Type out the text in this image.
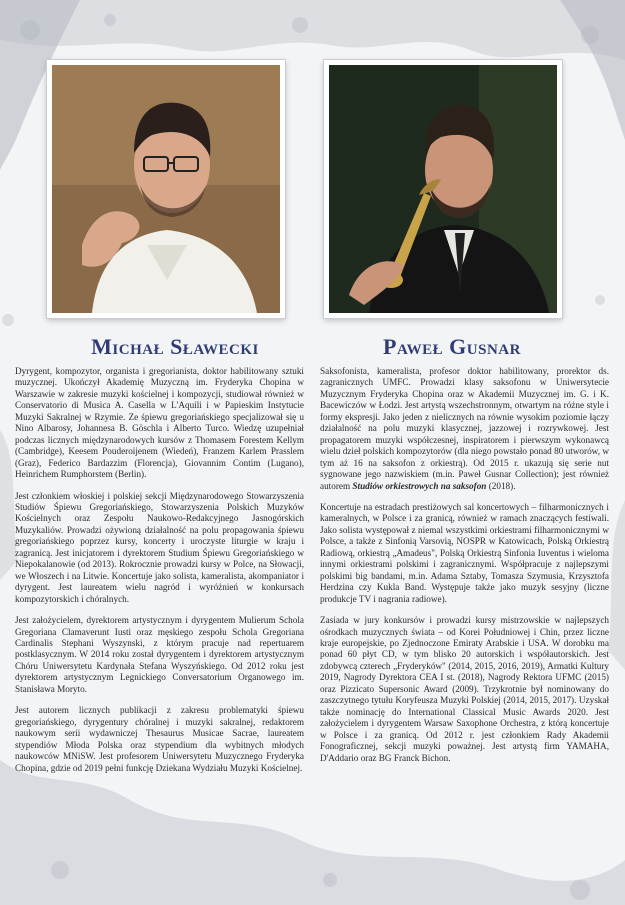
Michał Sławecki	Paweł Gusnar

Dyrygent, kompozytor, organista i gregorianista, doktor habilitowany sztuki muzycznej. Ukończył Akademię Muzyczną im. Fryderyka Chopina w Warszawie w zakresie muzyki kościelnej i kompozycji, studiował również w Conservatorio di Musica A. Casella w L'Aquili i w Papieskim Instytucie Muzyki Sakralnej w Rzymie. Ze śpiewu gregoriańskiego specjalizował się u Nino Albarosy, Johannesa B. Göschla i Alberto Turco. Wiedzę uzupełniał podczas licznych międzynarodowych kursów z Thomasem Forestem Kellym (Cambridge), Keesem Pouderoijenem (Wiedeń), Franzem Karlem Prasslem (Graz), Federico Bardazzim (Florencja), Giovannim Contim (Lugano), Heinrichem Rumphorstem (Berlin).

Jest członkiem włoskiej i polskiej sekcji Międzynarodowego Stowarzyszenia Studiów Śpiewu Gregoriańskiego, Stowarzyszenia Polskich Muzyków Kościelnych oraz Zespołu Naukowo-Redakcyjnego Jasnogórskich Muzykaliów. Prowadzi ożywioną działalność na polu propagowania śpiewu gregoriańskiego poprzez kursy, koncerty i uroczyste liturgie w kraju i zagranicą. Jest inicjatorem i dyrektorem Studium Śpiewu Gregoriańskiego w Niepokalanowie (od 2013). Rokrocznie prowadzi kursy w Polce, na Słowacji, we Włoszech i na Litwie. Koncertuje jako solista, kameralista, akompaniator i dyrygent. Jest laureatem wielu nagród i wyróżnień w konkursach kompozytorskich i chóralnych.

Jest założycielem, dyrektorem artystycznym i dyrygentem Mulierum Schola Gregoriana Clamaverunt Iusti oraz męskiego zespołu Schola Gregoriana Cardinalis Stephani Wyszynski, z którym pracuje nad repertuarem postklasycznym. W 2014 roku został dyrygentem i dyrektorem artystycznym Chóru Uniwersytetu Kardynała Stefana Wyszyńskiego. Od 2012 roku jest dyrektorem artystycznym Legnickiego Conversatorium Organowego im. Stanisława Moryto.

Jest autorem licznych publikacji z zakresu problematyki śpiewu gregoriańskiego, dyrygentury chóralnej i muzyki sakralnej, redaktorem naukowym serii wydawniczej Thesaurus Musicae Sacrae, laureatem stypendiów Młoda Polska oraz stypendium dla wybitnych młodych naukowców MNiSW. Jest profesorem Uniwersytetu Muzycznego Fryderyka Chopina, gdzie od 2019 pełni funkcję Dziekana Wydziału Muzyki Kościelnej.

Saksofonista, kameralista, profesor doktor habilitowany, prorektor ds. zagranicznych UMFC. Prowadzi klasy saksofonu w Uniwersytecie Muzycznym Fryderyka Chopina oraz w Akademii Muzycznej im. G. i K. Bacewiczów w Łodzi. Jest artystą wszechstronnym, otwartym na różne style i formy ekspresji. Jako jeden z nielicznych na równie wysokim poziomie łączy działalność na polu muzyki klasycznej, jazzowej i rozrywkowej. Jest propagatorem muzyki współczesnej, inspiratorem i pierwszym wykonawcą wielu dzieł polskich kompozytorów (dla niego powstało ponad 80 utworów, w tym aż 16 na saksofon z orkiestrą). Od 2015 r. ukazują się serie nut sygnowane jego nazwiskiem (m.in. Paweł Gusnar Collection); jest również autorem Studiów orkiestrowych na saksofon (2018).

Koncertuje na estradach prestiżowych sal koncertowych – filharmonicznych i kameralnych, w Polsce i za granicą, również w ramach znaczących festiwali. Jako solista występował z niemal wszystkimi orkiestrami filharmonicznymi w Polsce, a także z Sinfonią Varsovią, NOSPR w Katowicach, Polską Orkiestrą Radiową, orkiestrą „Amadeus", Polską Orkiestrą Sinfonia Iuventus i wieloma innymi orkiestrami polskimi i zagranicznymi. Współpracuje z najlepszymi polskimi big bandami, m.in. Adama Sztaby, Tomasza Szymusia, Krzysztofa Herdzina czy Kukla Band. Występuje także jako muzyk sesyjny (liczne produkcje TV i nagrania radiowe).

Zasiada w jury konkursów i prowadzi kursy mistrzowskie w najlepszych ośrodkach muzycznych świata – od Korei Południowej i Chin, przez liczne kraje europejskie, po Zjednoczone Emiraty Arabskie i USA. W dorobku ma ponad 60 płyt CD, w tym blisko 20 autorskich i współautorskich. Jest zdobywcą czterech „Fryderyków" (2014, 2015, 2016, 2019), Armatki Kultury 2019, Nagrody Dyrektora CEA I st. (2018), Nagrody Rektora UFMC (2015) oraz Pizzicato Supersonic Award (2009). Trzykrotnie był nominowany do zaszczytnego tytułu Koryfeusza Muzyki Polskiej (2014, 2015, 2017). Uzyskał także nominację do International Classical Music Awards 2020. Jest założycielem i dyrygentem Warsaw Saxophone Orchestra, z którą koncertuje w Polsce i za granicą. Od 2012 r. jest członkiem Rady Akademii Fonograficznej, sekcji muzyki poważnej. Jest artystą firm YAMAHA, D'Addario oraz BG Franck Bichon.
